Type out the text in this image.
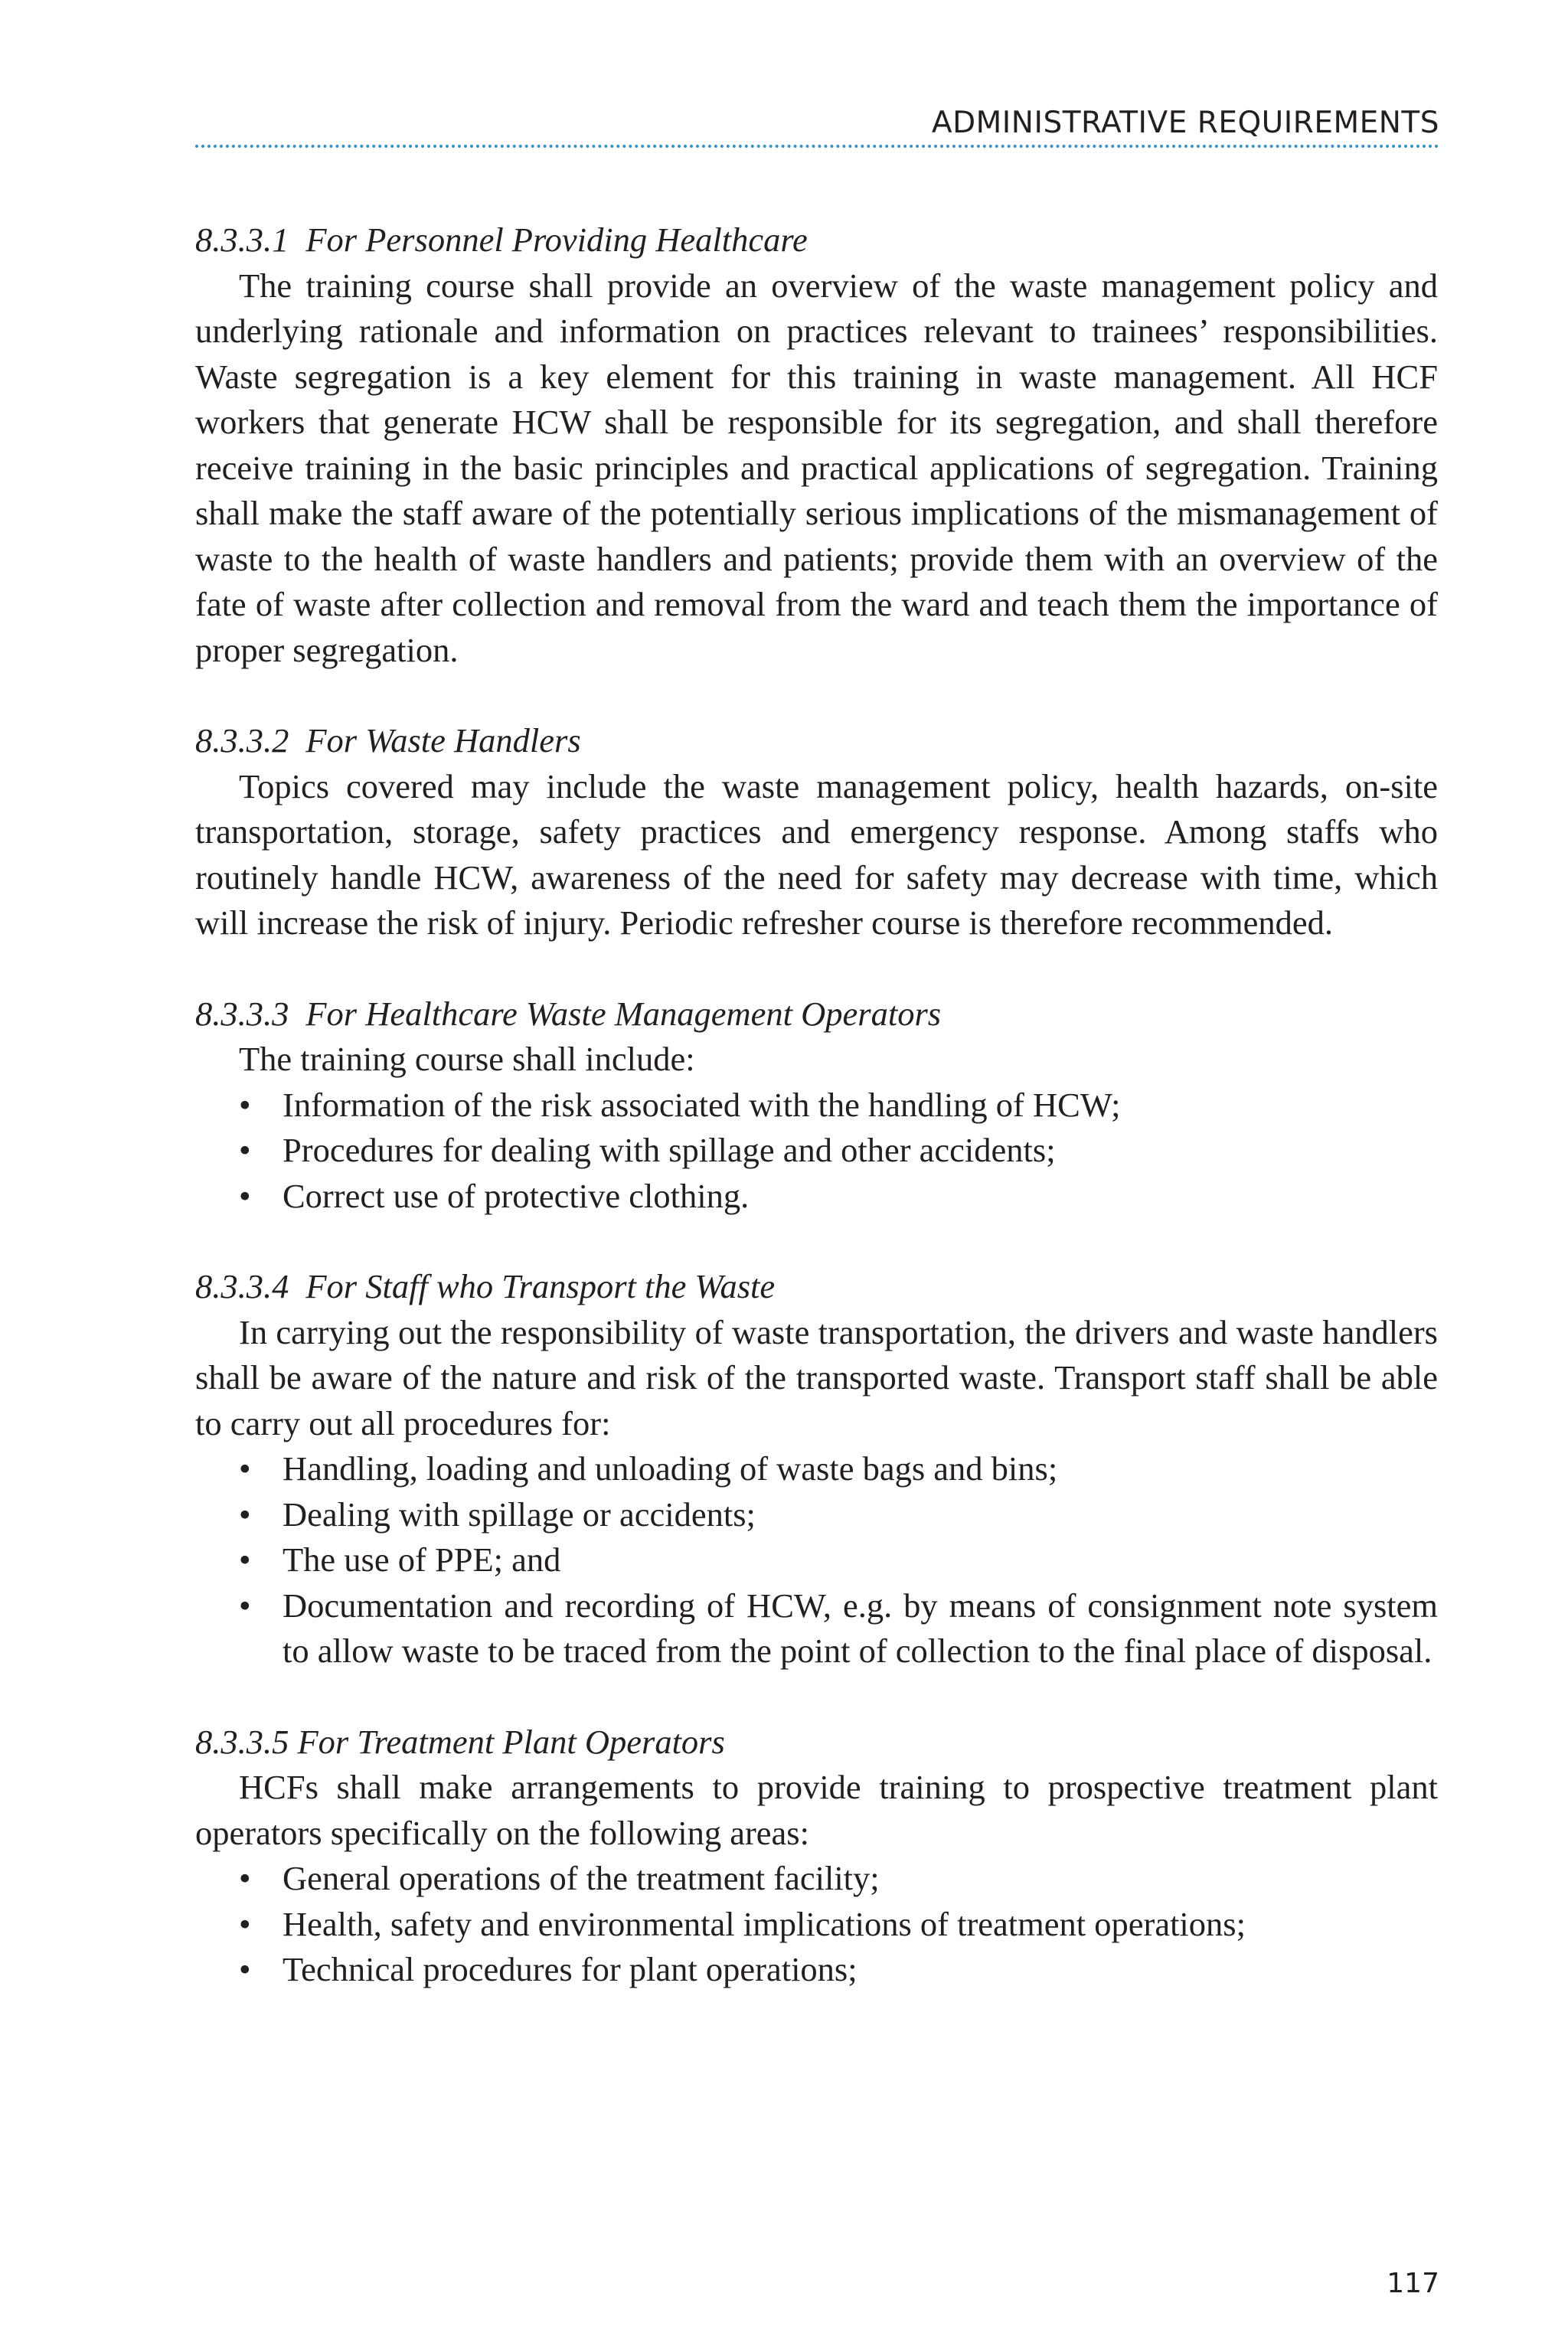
ADMINISTRATIVE REQUIREMENTS

8.3.3.1 For Personnel Providing Healthcare

The training course shall provide an overview of the waste management policy and underlying rationale and information on practices relevant to trainees’ responsibilities. Waste segregation is a key element for this training in waste management. All HCF workers that generate HCW shall be responsible for its segregation, and shall therefore receive training in the basic principles and practical applications of segregation. Training shall make the staff aware of the potentially serious implications of the mismanagement of waste to the health of waste handlers and patients; provide them with an overview of the fate of waste after collection and removal from the ward and teach them the importance of proper segregation.

8.3.3.2 For Waste Handlers

Topics covered may include the waste management policy, health hazards, on-site transportation, storage, safety practices and emergency response. Among staffs who routinely handle HCW, awareness of the need for safety may decrease with time, which will increase the risk of injury. Periodic refresher course is therefore recommended.

8.3.3.3 For Healthcare Waste Management Operators

The training course shall include:

• Information of the risk associated with the handling of HCW;
• Procedures for dealing with spillage and other accidents;
• Correct use of protective clothing.

8.3.3.4 For Staff who Transport the Waste

In carrying out the responsibility of waste transportation, the drivers and waste handlers shall be aware of the nature and risk of the transported waste. Transport staff shall be able to carry out all procedures for:

• Handling, loading and unloading of waste bags and bins;
• Dealing with spillage or accidents;
• The use of PPE; and
• Documentation and recording of HCW, e.g. by means of consignment note system to allow waste to be traced from the point of collection to the final place of disposal.

8.3.3.5 For Treatment Plant Operators

HCFs shall make arrangements to provide training to prospective treatment plant operators specifically on the following areas:

• General operations of the treatment facility;
• Health, safety and environmental implications of treatment operations;
• Technical procedures for plant operations;
117
